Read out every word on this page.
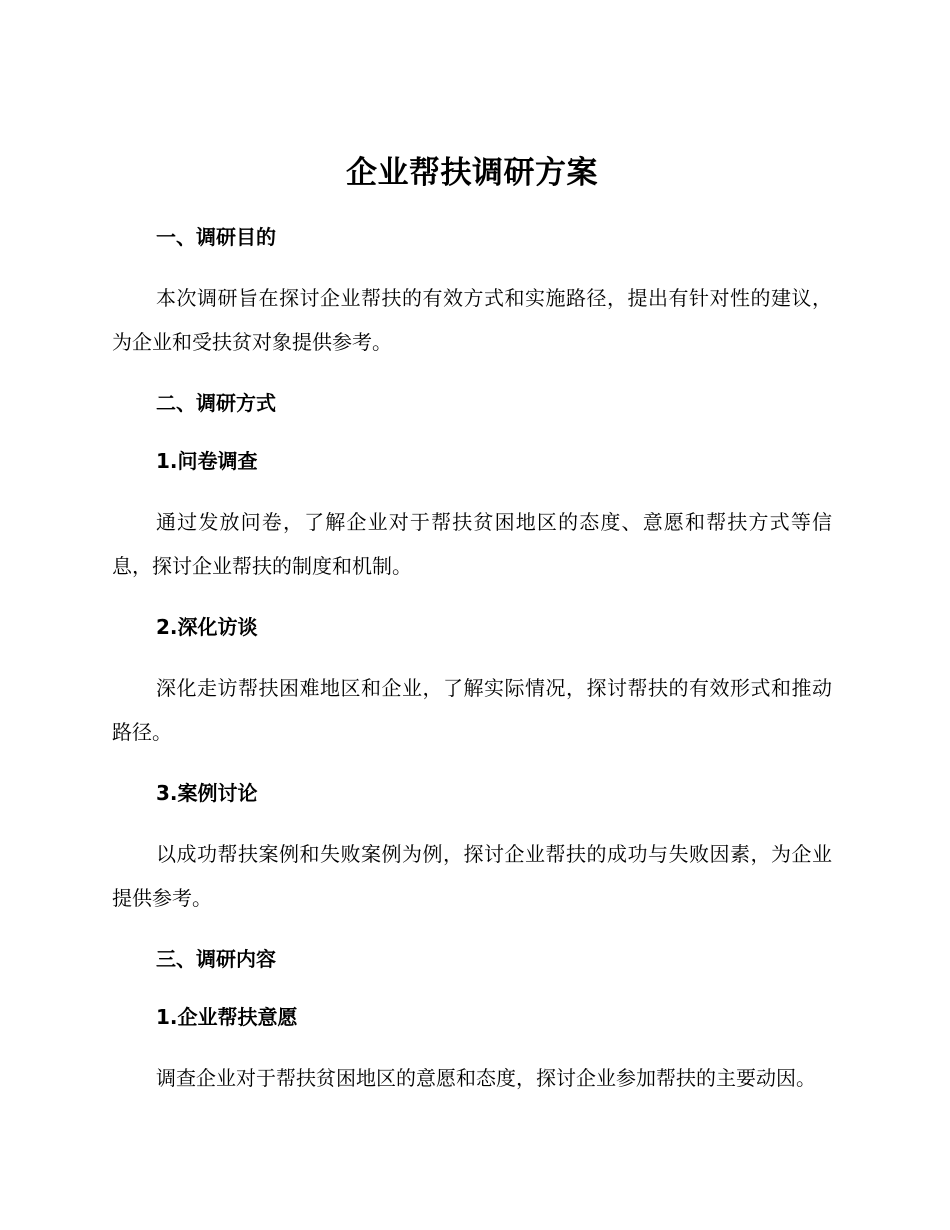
企业帮扶调研方案
一、调研目的

本次调研旨在探讨企业帮扶的有效方式和实施路径，提出有针对性的建议，为企业和受扶贫对象提供参考。

二、调研方式
1.问卷调查

通过发放问卷，了解企业对于帮扶贫困地区的态度、意愿和帮扶方式等信息，探讨企业帮扶的制度和机制。

2.深化访谈

深化走访帮扶困难地区和企业，了解实际情况，探讨帮扶的有效形式和推动路径。

3.案例讨论

以成功帮扶案例和失败案例为例，探讨企业帮扶的成功与失败因素，为企业提供参考。

三、调研内容
1.企业帮扶意愿

调查企业对于帮扶贫困地区的意愿和态度，探讨企业参加帮扶的主要动因。
